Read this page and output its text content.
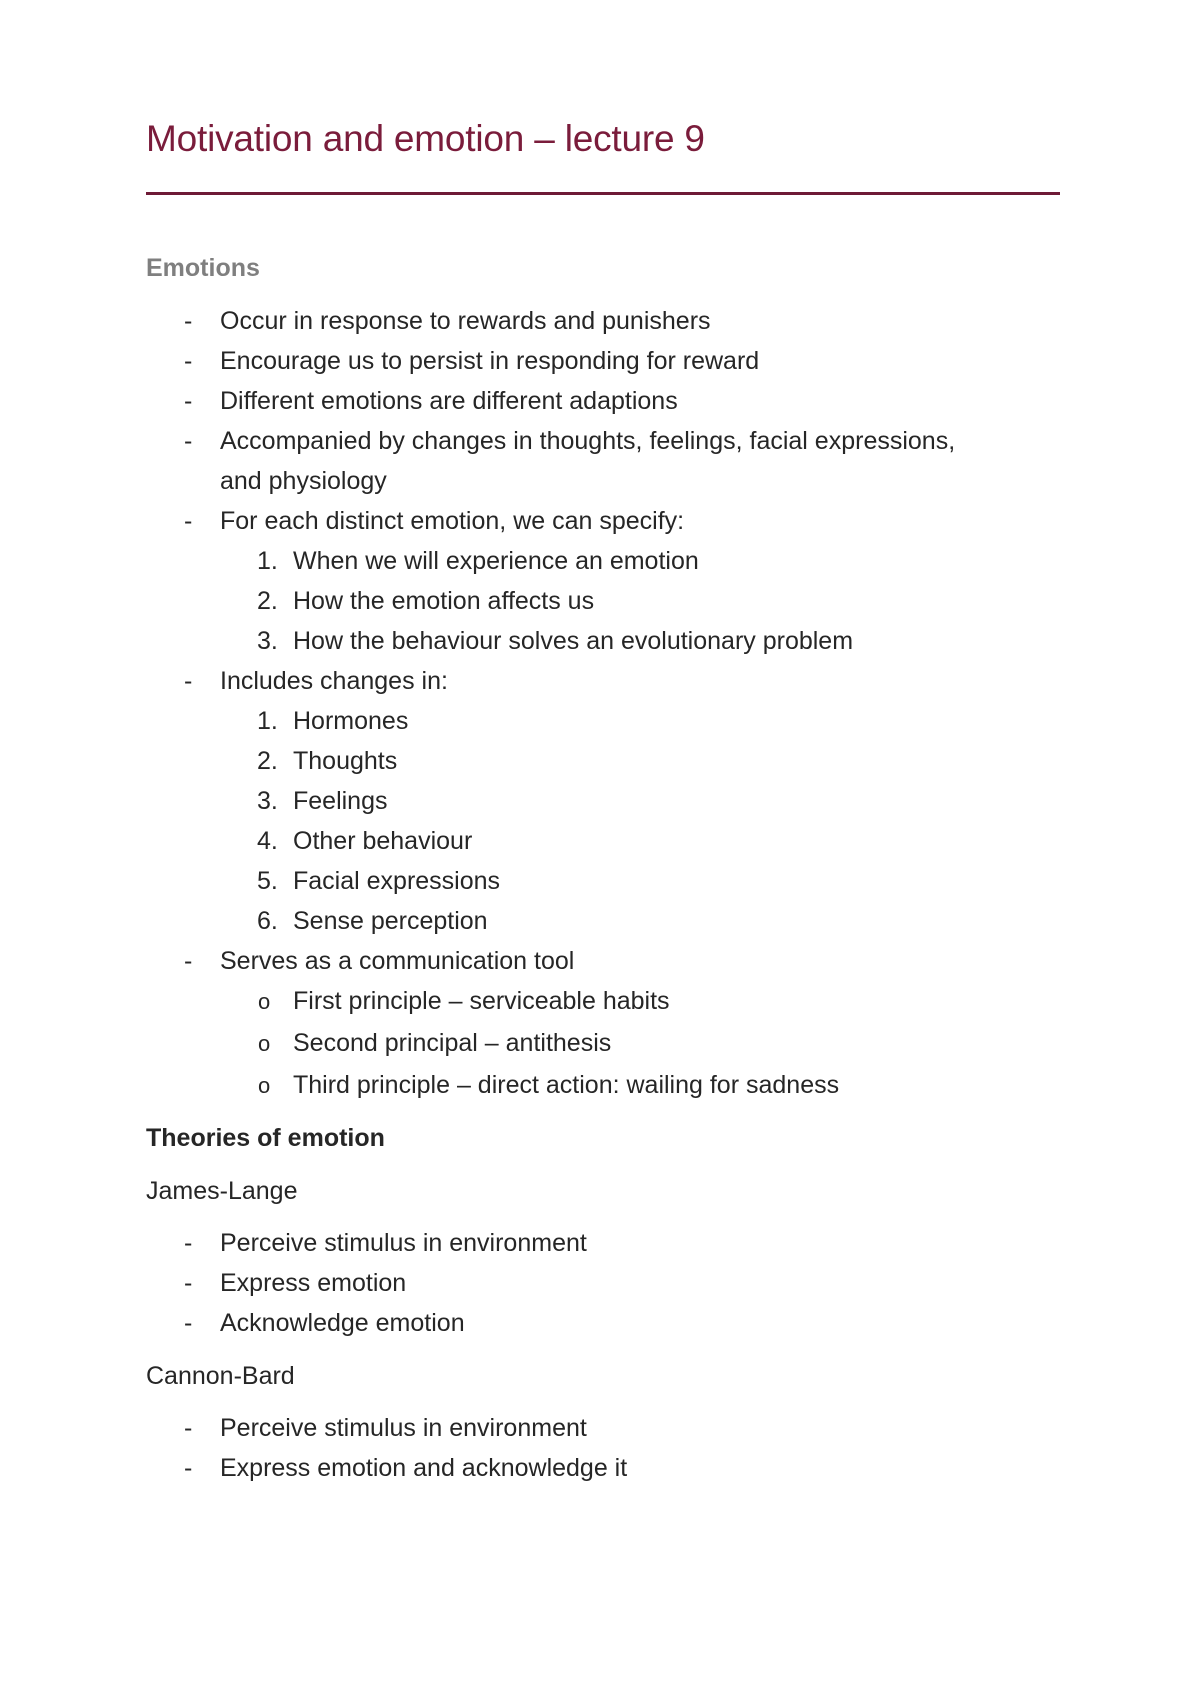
Motivation and emotion – lecture 9
Emotions
- Occur in response to rewards and punishers
- Encourage us to persist in responding for reward
- Different emotions are different adaptions
- Accompanied by changes in thoughts, feelings, facial expressions,
and physiology
- For each distinct emotion, we can specify:
1. When we will experience an emotion
2. How the emotion affects us
3. How the behaviour solves an evolutionary problem
- Includes changes in:
1. Hormones
2. Thoughts
3. Feelings
4. Other behaviour
5. Facial expressions
6. Sense perception
- Serves as a communication tool
o First principle – serviceable habits
o Second principal – antithesis
o Third principle – direct action: wailing for sadness
Theories of emotion
James-Lange
- Perceive stimulus in environment
- Express emotion
- Acknowledge emotion
Cannon-Bard
- Perceive stimulus in environment
- Express emotion and acknowledge it
